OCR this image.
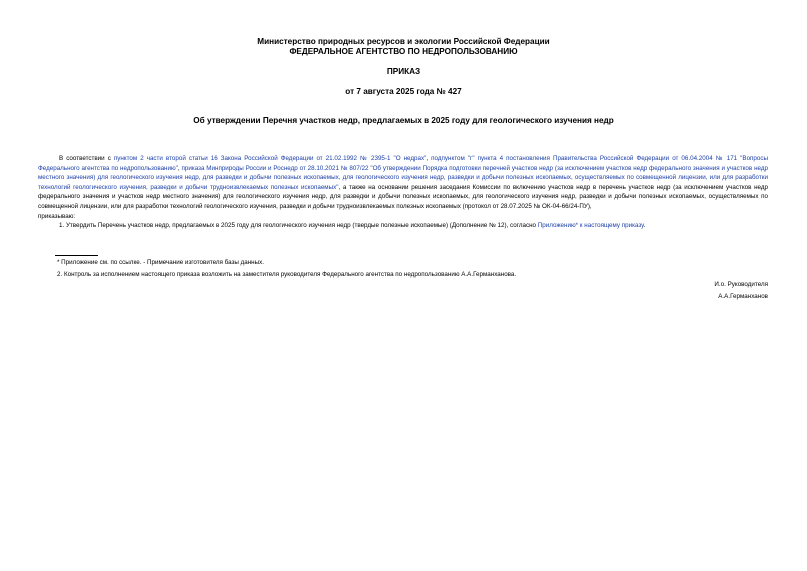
Министерство природных ресурсов и экологии Российской Федерации
ФЕДЕРАЛЬНОЕ АГЕНТСТВО ПО НЕДРОПОЛЬЗОВАНИЮ
ПРИКАЗ
от 7 августа 2025 года № 427
Об утверждении Перечня участков недр, предлагаемых в 2025 году для геологического изучения недр

В соответствии с пунктом 2 части второй статьи 16 Закона Российской Федерации от 21.02.1992 № 2395-1 "О недрах", подпунктом "г" пункта 4 постановления Правительства Российской Федерации от 06.04.2004 № 171 "Вопросы Федерального агентства по недропользованию", приказа Минприроды России и Роснедр от 28.10.2021 № 807/22 "Об утверждении Порядка подготовки перечней участков недр (за исключением участков недр федерального значения и участков недр местного значения) для геологического изучения недр, для разведки и добычи полезных ископаемых, для геологического изучения недр, разведки и добычи полезных ископаемых, осуществляемых по совмещенной лицензии, или для разработки технологий геологического изучения, разведки и добычи трудноизвлекаемых полезных ископаемых", а также на основании решения заседания Комиссии по включению участков недр в перечень участков недр (за исключением участков недр федерального значения и участков недр местного значения) для геологического изучения недр, для разведки и добычи полезных ископаемых, для геологического изучения недр, разведки и добычи полезных ископаемых, осуществляемых по совмещенной лицензии, или для разработки технологий геологического изучения, разведки и добычи трудноизвлекаемых полезных ископаемых (протокол от 28.07.2025 № ОК-04-66/24-ПУ),

приказываю:

1. Утвердить Перечень участков недр, предлагаемых в 2025 году для геологического изучения недр (твердые полезные ископаемые) (Дополнение № 12), согласно Приложению* к настоящему приказу.

* Приложение см. по ссылке. - Примечание изготовителя базы данных.
2. Контроль за исполнением настоящего приказа возложить на заместителя руководителя Федерального агентства по недропользованию А.А.Германханова.
И.о. Руководителя
А.А.Германханов
